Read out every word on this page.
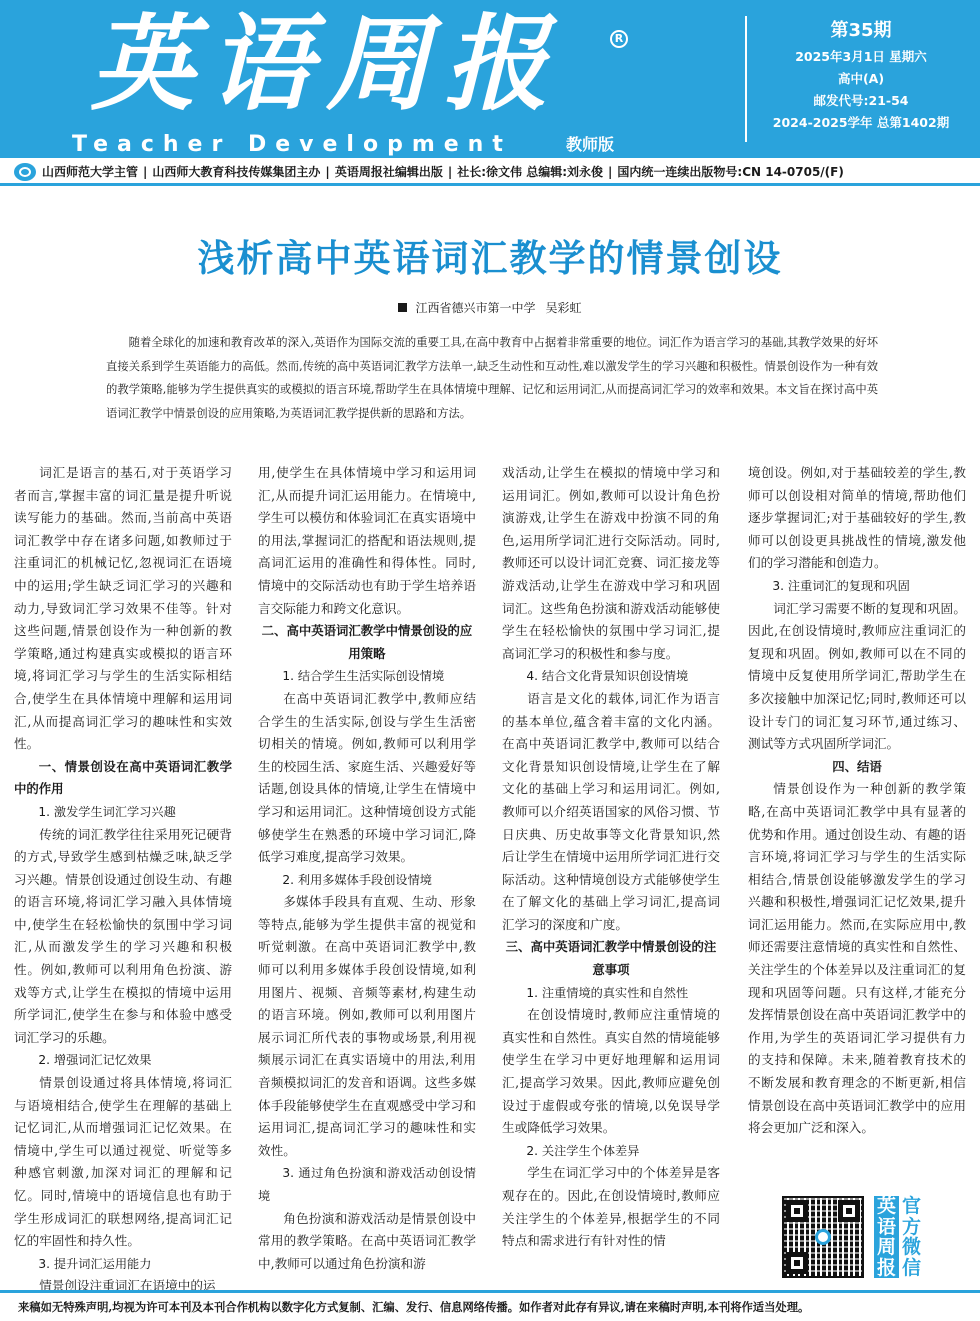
英语周报	R
Teacher Development	教师版
第35期
2025年3月1日 星期六
高中(A)
邮发代号:21-54
2024-2025学年 总第1402期
山西师范大学主管 | 山西师大教育科技传媒集团主办 | 英语周报社编辑出版 | 社长:徐文伟 总编辑:刘永俊 | 国内统一连续出版物号:CN 14-0705/(F)
浅析高中英语词汇教学的情景创设
江西省德兴市第一中学 吴彩虹

随着全球化的加速和教育改革的深入,英语作为国际交流的重要工具,在高中教育中占据着非常重要的地位。词汇作为语言学习的基础,其教学效果的好坏直接关系到学生英语能力的高低。然而,传统的高中英语词汇教学方法单一,缺乏生动性和互动性,难以激发学生的学习兴趣和积极性。情景创设作为一种有效的教学策略,能够为学生提供真实的或模拟的语言环境,帮助学生在具体情境中理解、记忆和运用词汇,从而提高词汇学习的效率和效果。本文旨在探讨高中英语词汇教学中情景创设的应用策略,为英语词汇教学提供新的思路和方法。

词汇是语言的基石,对于英语学习者而言,掌握丰富的词汇量是提升听说读写能力的基础。然而,当前高中英语词汇教学中存在诸多问题,如教师过于注重词汇的机械记忆,忽视词汇在语境中的运用;学生缺乏词汇学习的兴趣和动力,导致词汇学习效果不佳等。针对这些问题,情景创设作为一种创新的教学策略,通过构建真实或模拟的语言环境,将词汇学习与学生的生活实际相结合,使学生在具体情境中理解和运用词汇,从而提高词汇学习的趣味性和实效性。

一、情景创设在高中英语词汇教学中的作用

1. 激发学生词汇学习兴趣

传统的词汇教学往往采用死记硬背的方式,导致学生感到枯燥乏味,缺乏学习兴趣。情景创设通过创设生动、有趣的语言环境,将词汇学习融入具体情境中,使学生在轻松愉快的氛围中学习词汇,从而激发学生的学习兴趣和积极性。例如,教师可以利用角色扮演、游戏等方式,让学生在模拟的情境中运用所学词汇,使学生在参与和体验中感受词汇学习的乐趣。

2. 增强词汇记忆效果

情景创设通过将具体情境,将词汇与语境相结合,使学生在理解的基础上记忆词汇,从而增强词汇记忆效果。在情境中,学生可以通过视觉、听觉等多种感官刺激,加深对词汇的理解和记忆。同时,情境中的语境信息也有助于学生形成词汇的联想网络,提高词汇记忆的牢固性和持久性。

3. 提升词汇运用能力

情景创设注重词汇在语境中的运

用,使学生在具体情境中学习和运用词汇,从而提升词汇运用能力。在情境中,学生可以模仿和体验词汇在真实语境中的用法,掌握词汇的搭配和语法规则,提高词汇运用的准确性和得体性。同时,情境中的交际活动也有助于学生培养语言交际能力和跨文化意识。

二、高中英语词汇教学中情景创设的应用策略

1. 结合学生生活实际创设情境

在高中英语词汇教学中,教师应结合学生的生活实际,创设与学生生活密切相关的情境。例如,教师可以利用学生的校园生活、家庭生活、兴趣爱好等话题,创设具体的情境,让学生在情境中学习和运用词汇。这种情境创设方式能够使学生在熟悉的环境中学习词汇,降低学习难度,提高学习效果。

2. 利用多媒体手段创设情境

多媒体手段具有直观、生动、形象等特点,能够为学生提供丰富的视觉和听觉刺激。在高中英语词汇教学中,教师可以利用多媒体手段创设情境,如利用图片、视频、音频等素材,构建生动的语言环境。例如,教师可以利用图片展示词汇所代表的事物或场景,利用视频展示词汇在真实语境中的用法,利用音频模拟词汇的发音和语调。这些多媒体手段能够使学生在直观感受中学习和运用词汇,提高词汇学习的趣味性和实效性。

3. 通过角色扮演和游戏活动创设情境

角色扮演和游戏活动是情景创设中常用的教学策略。在高中英语词汇教学中,教师可以通过角色扮演和游

戏活动,让学生在模拟的情境中学习和运用词汇。例如,教师可以设计角色扮演游戏,让学生在游戏中扮演不同的角色,运用所学词汇进行交际活动。同时,教师还可以设计词汇竞赛、词汇接龙等游戏活动,让学生在游戏中学习和巩固词汇。这些角色扮演和游戏活动能够使学生在轻松愉快的氛围中学习词汇,提高词汇学习的积极性和参与度。

4. 结合文化背景知识创设情境

语言是文化的载体,词汇作为语言的基本单位,蕴含着丰富的文化内涵。在高中英语词汇教学中,教师可以结合文化背景知识创设情境,让学生在了解文化的基础上学习和运用词汇。例如,教师可以介绍英语国家的风俗习惯、节日庆典、历史故事等文化背景知识,然后让学生在情境中运用所学词汇进行交际活动。这种情境创设方式能够使学生在了解文化的基础上学习词汇,提高词汇学习的深度和广度。

三、高中英语词汇教学中情景创设的注意事项

1. 注重情境的真实性和自然性

在创设情境时,教师应注重情境的真实性和自然性。真实自然的情境能够使学生在学习中更好地理解和运用词汇,提高学习效果。因此,教师应避免创设过于虚假或夸张的情境,以免误导学生或降低学习效果。

2. 关注学生个体差异

学生在词汇学习中的个体差异是客观存在的。因此,在创设情境时,教师应关注学生的个体差异,根据学生的不同特点和需求进行有针对性的情

境创设。例如,对于基础较差的学生,教师可以创设相对简单的情境,帮助他们逐步掌握词汇;对于基础较好的学生,教师可以创设更具挑战性的情境,激发他们的学习潜能和创造力。

3. 注重词汇的复现和巩固

词汇学习需要不断的复现和巩固。因此,在创设情境时,教师应注重词汇的复现和巩固。例如,教师可以在不同的情境中反复使用所学词汇,帮助学生在多次接触中加深记忆;同时,教师还可以设计专门的词汇复习环节,通过练习、测试等方式巩固所学词汇。

四、结语

情景创设作为一种创新的教学策略,在高中英语词汇教学中具有显著的优势和作用。通过创设生动、有趣的语言环境,将词汇学习与学生的生活实际相结合,情景创设能够激发学生的学习兴趣和积极性,增强词汇记忆效果,提升词汇运用能力。然而,在实际应用中,教师还需要注意情境的真实性和自然性、关注学生的个体差异以及注重词汇的复现和巩固等问题。只有这样,才能充分发挥情景创设在高中英语词汇教学中的作用,为学生的英语词汇学习提供有力的支持和保障。未来,随着教育技术的不断发展和教育理念的不断更新,相信情景创设在高中英语词汇教学中的应用将会更加广泛和深入。

英语周报
官方微信
来稿如无特殊声明,均视为许可本刊及本刊合作机构以数字化方式复制、汇编、发行、信息网络传播。如作者对此存有异议,请在来稿时声明,本刊将作适当处理。
